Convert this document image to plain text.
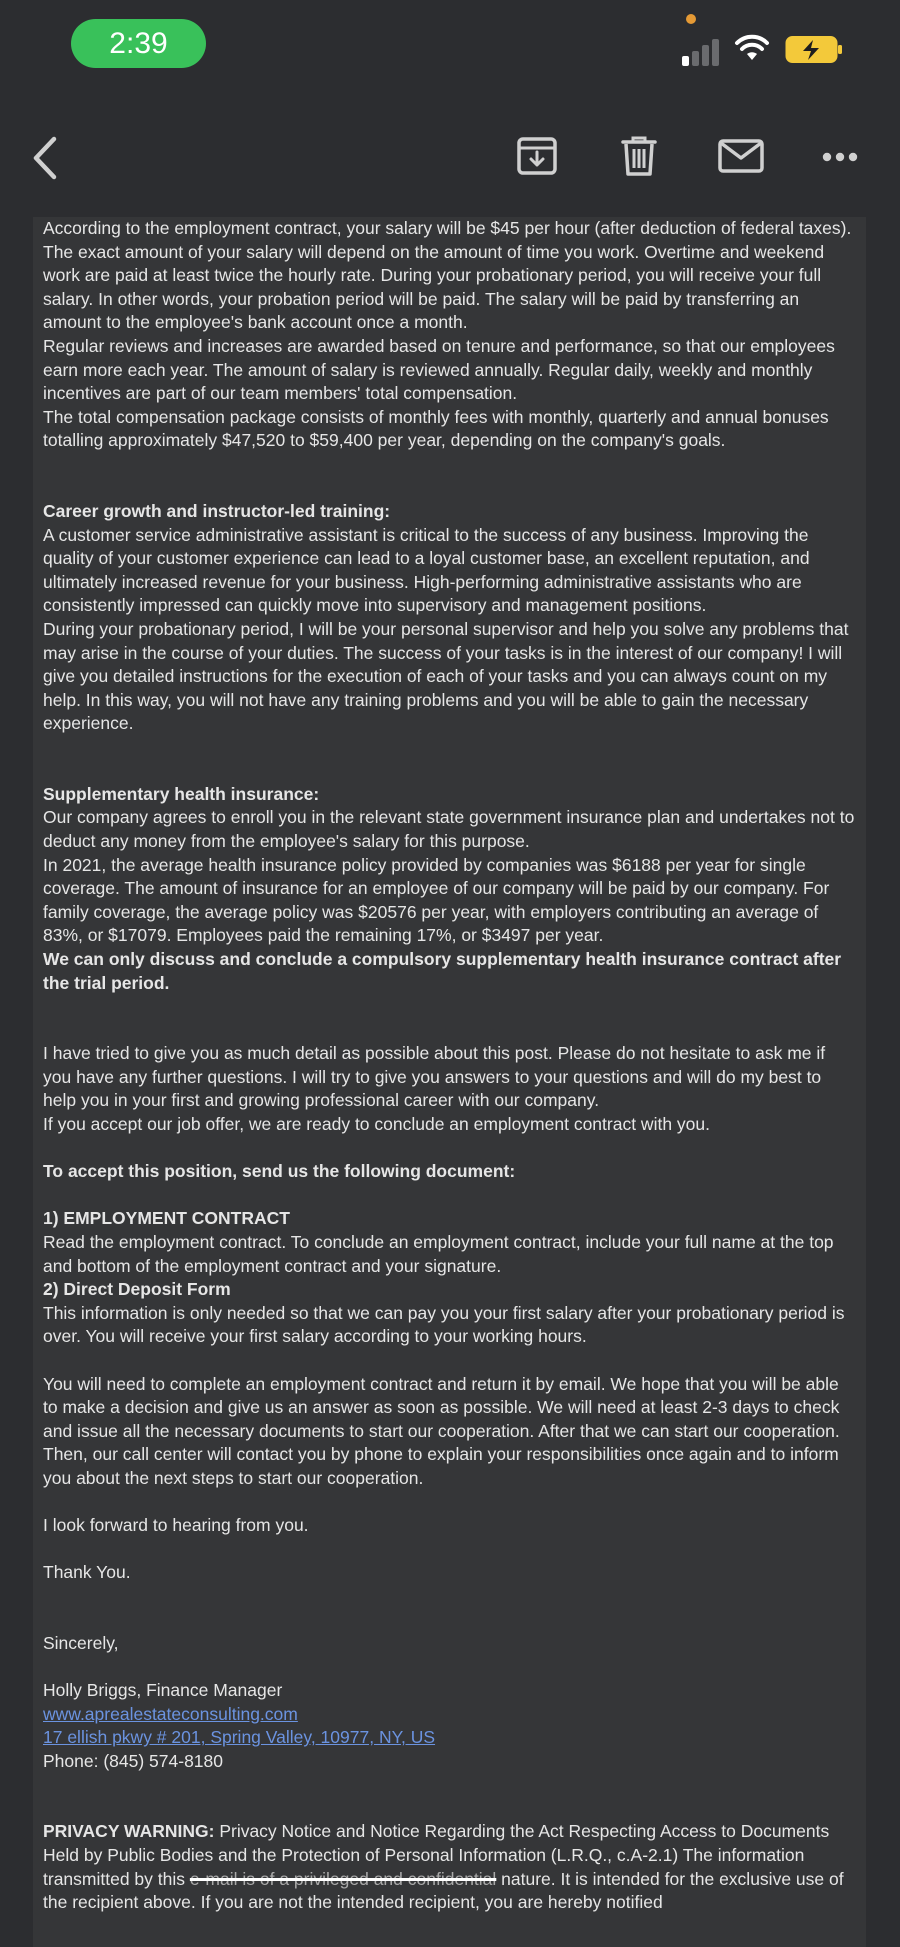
2:39

According to the employment contract, your salary will be $45 per hour (after deduction of federal taxes). The exact amount of your salary will depend on the amount of time you work. Overtime and weekend work are paid at least twice the hourly rate. During your probationary period, you will receive your full salary. In other words, your probation period will be paid. The salary will be paid by transferring an amount to the employee's bank account once a month.

Regular reviews and increases are awarded based on tenure and performance, so that our employees earn more each year. The amount of salary is reviewed annually. Regular daily, weekly and monthly incentives are part of our team members' total compensation.

The total compensation package consists of monthly fees with monthly, quarterly and annual bonuses totalling approximately $47,520 to $59,400 per year, depending on the company's goals.

Career growth and instructor-led training:

A customer service administrative assistant is critical to the success of any business. Improving the quality of your customer experience can lead to a loyal customer base, an excellent reputation, and ultimately increased revenue for your business. High-performing administrative assistants who are consistently impressed can quickly move into supervisory and management positions.

During your probationary period, I will be your personal supervisor and help you solve any problems that may arise in the course of your duties. The success of your tasks is in the interest of our company! I will give you detailed instructions for the execution of each of your tasks and you can always count on my help. In this way, you will not have any training problems and you will be able to gain the necessary experience.

Supplementary health insurance:

Our company agrees to enroll you in the relevant state government insurance plan and undertakes not to deduct any money from the employee's salary for this purpose.

In 2021, the average health insurance policy provided by companies was $6188 per year for single coverage. The amount of insurance for an employee of our company will be paid by our company. For family coverage, the average policy was $20576 per year, with employers contributing an average of 83%, or $17079. Employees paid the remaining 17%, or $3497 per year.

We can only discuss and conclude a compulsory supplementary health insurance contract after the trial period.

I have tried to give you as much detail as possible about this post. Please do not hesitate to ask me if you have any further questions. I will try to give you answers to your questions and will do my best to help you in your first and growing professional career with our company.

If you accept our job offer, we are ready to conclude an employment contract with you.

To accept this position, send us the following document:

1) EMPLOYMENT CONTRACT

Read the employment contract. To conclude an employment contract, include your full name at the top and bottom of the employment contract and your signature.

2) Direct Deposit Form

This information is only needed so that we can pay you your first salary after your probationary period is over. You will receive your first salary according to your working hours.

You will need to complete an employment contract and return it by email. We hope that you will be able to make a decision and give us an answer as soon as possible. We will need at least 2-3 days to check and issue all the necessary documents to start our cooperation. After that we can start our cooperation. Then, our call center will contact you by phone to explain your responsibilities once again and to inform you about the next steps to start our cooperation.

I look forward to hearing from you.

Thank You.

Sincerely,

Holly Briggs, Finance Manager

www.aprealestateconsulting.com

17 ellish pkwy # 201, Spring Valley, 10977, NY, US

Phone: (845) 574-8180

PRIVACY WARNING: Privacy Notice and Notice Regarding the Act Respecting Access to Documents Held by Public Bodies and the Protection of Personal Information (L.R.Q., c.A-2.1) The information transmitted by this e-mail is of a privileged and confidential nature. It is intended for the exclusive use of the recipient above. If you are not the intended recipient, you are hereby notified
